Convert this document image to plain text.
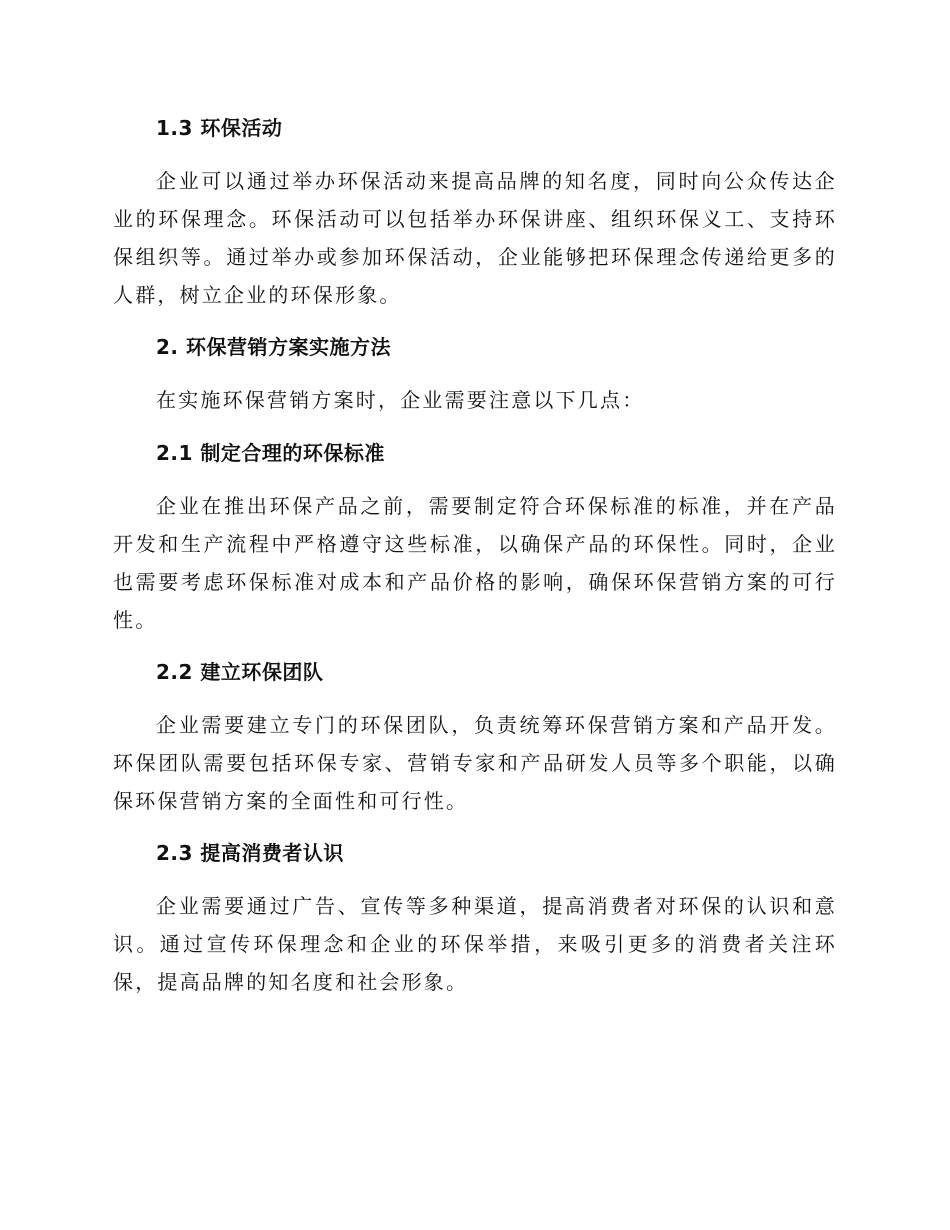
1.3 环保活动

企业可以通过举办环保活动来提高品牌的知名度，同时向公众传达企业的环保理念。环保活动可以包括举办环保讲座、组织环保义工、支持环保组织等。通过举办或参加环保活动，企业能够把环保理念传递给更多的人群，树立企业的环保形象。

2. 环保营销方案实施方法

在实施环保营销方案时，企业需要注意以下几点：

2.1 制定合理的环保标准

企业在推出环保产品之前，需要制定符合环保标准的标准，并在产品开发和生产流程中严格遵守这些标准，以确保产品的环保性。同时，企业也需要考虑环保标准对成本和产品价格的影响，确保环保营销方案的可行性。

2.2 建立环保团队

企业需要建立专门的环保团队，负责统筹环保营销方案和产品开发。环保团队需要包括环保专家、营销专家和产品研发人员等多个职能，以确保环保营销方案的全面性和可行性。

2.3 提高消费者认识

企业需要通过广告、宣传等多种渠道，提高消费者对环保的认识和意识。通过宣传环保理念和企业的环保举措，来吸引更多的消费者关注环保，提高品牌的知名度和社会形象。
